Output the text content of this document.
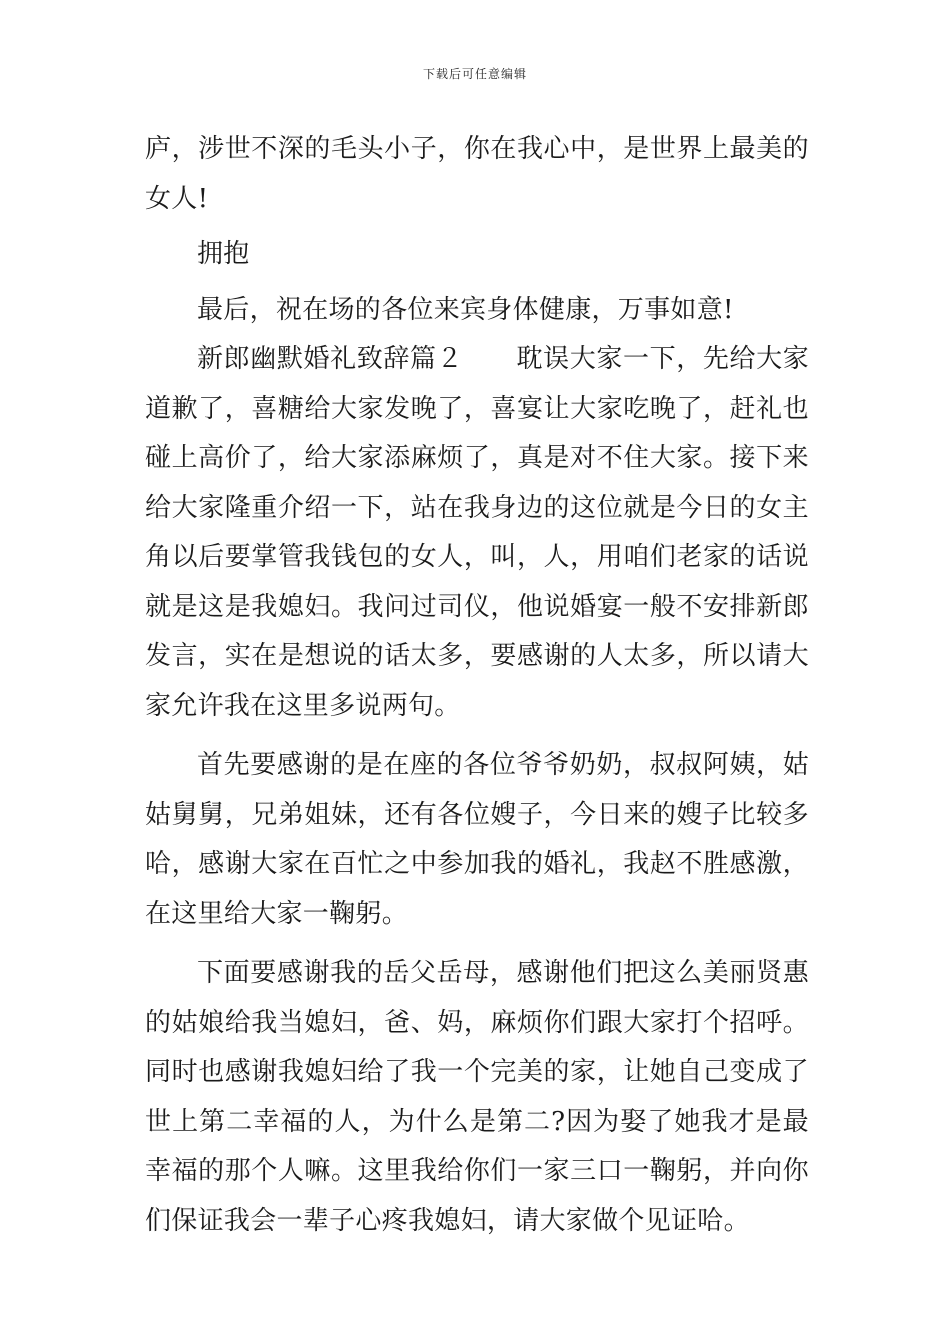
下载后可任意编辑

庐，涉世不深的毛头小子，你在我心中，是世界上最美的女人!

拥抱

最后，祝在场的各位来宾身体健康，万事如意!

新郎幽默婚礼致辞篇２　　耽误大家一下，先给大家道歉了，喜糖给大家发晚了，喜宴让大家吃晚了，赶礼也碰上高价了，给大家添麻烦了，真是对不住大家。接下来给大家隆重介绍一下，站在我身边的这位就是今日的女主角以后要掌管我钱包的女人，叫，人，用咱们老家的话说就是这是我媳妇。我问过司仪，他说婚宴一般不安排新郎发言，实在是想说的话太多，要感谢的人太多，所以请大家允许我在这里多说两句。

首先要感谢的是在座的各位爷爷奶奶，叔叔阿姨，姑姑舅舅，兄弟姐妹，还有各位嫂子，今日来的嫂子比较多哈，感谢大家在百忙之中参加我的婚礼，我赵不胜感激，在这里给大家一鞠躬。

下面要感谢我的岳父岳母，感谢他们把这么美丽贤惠的姑娘给我当媳妇，爸、妈，麻烦你们跟大家打个招呼。同时也感谢我媳妇给了我一个完美的家，让她自己变成了世上第二幸福的人，为什么是第二?因为娶了她我才是最幸福的那个人嘛。这里我给你们一家三口一鞠躬，并向你们保证我会一辈子心疼我媳妇，请大家做个见证哈。
